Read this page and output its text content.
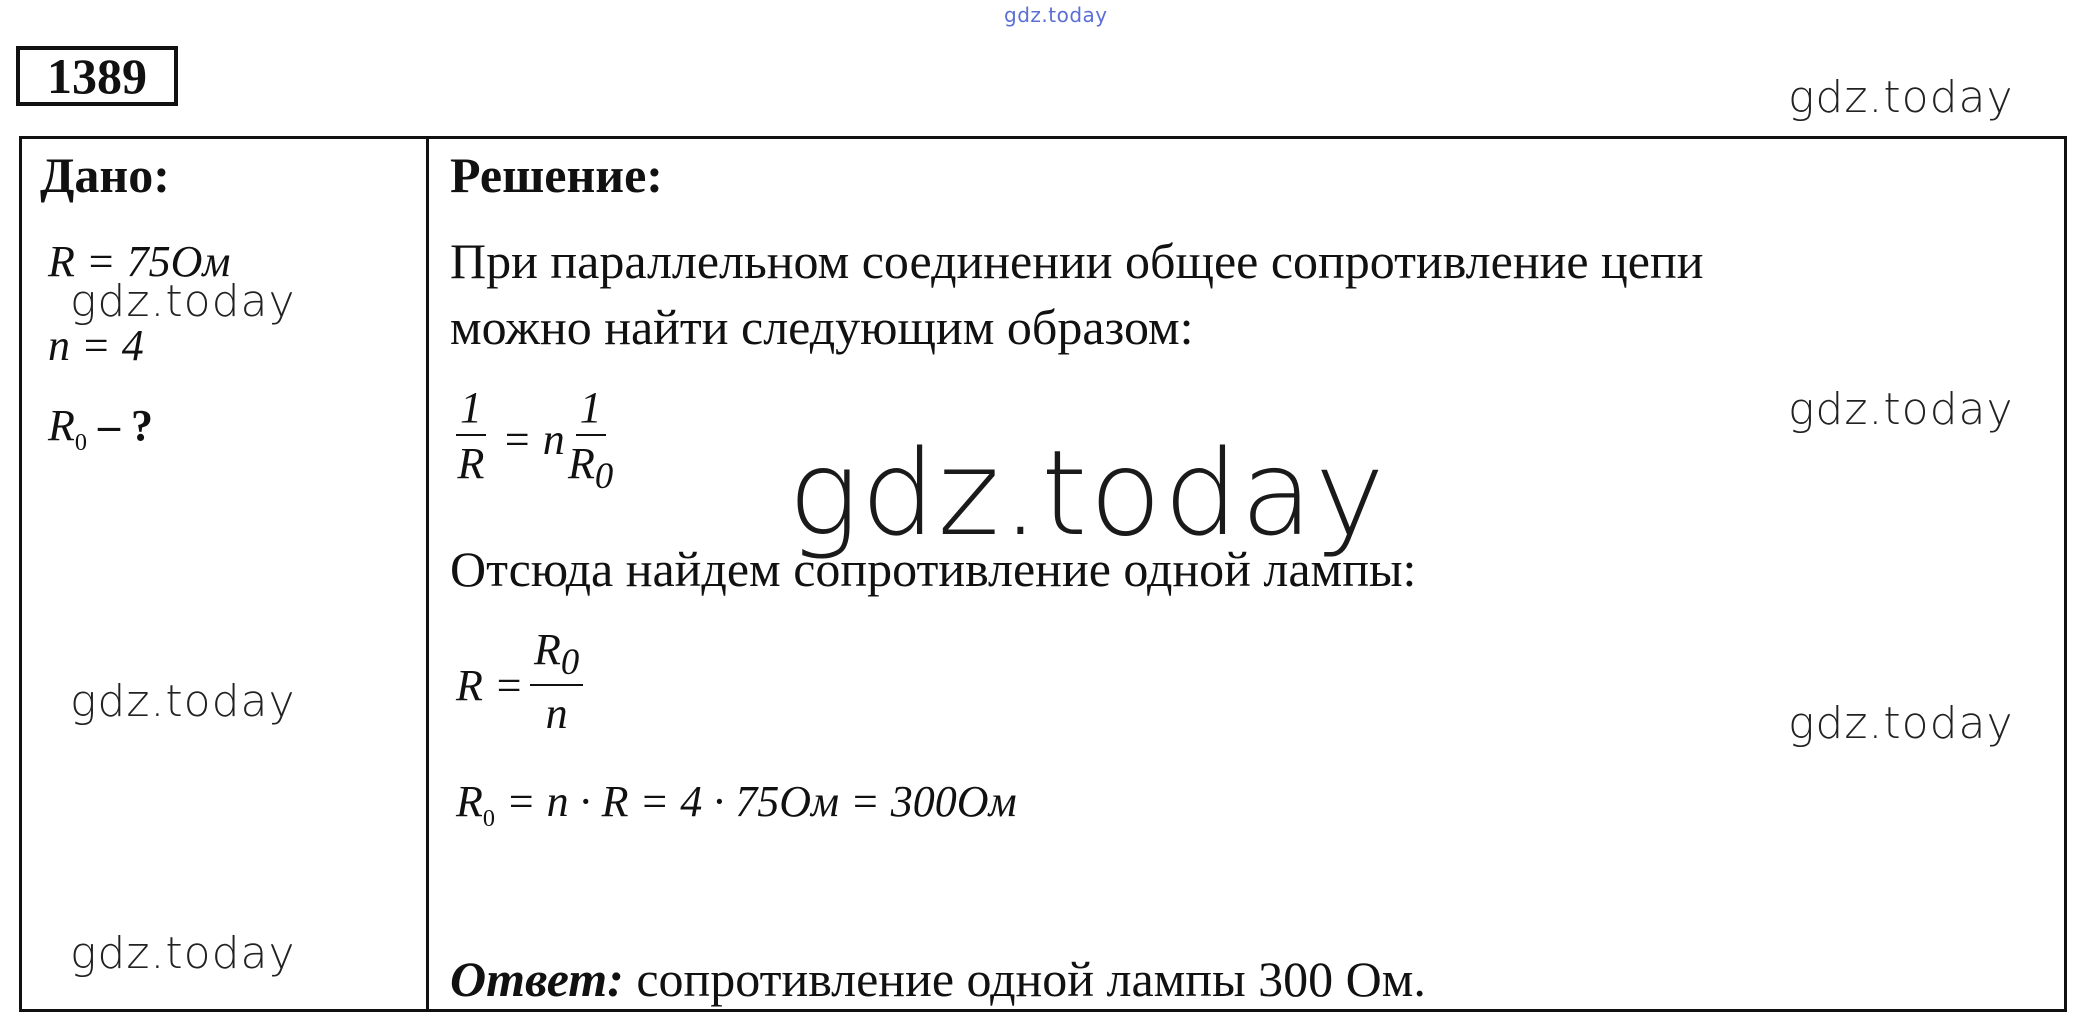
gdz.today
1389	gdz.today
Дано:
R = 75Ом
gdz.today
n = 4
$R_0$ – ?
gdz.today
gdz.today
Решение:
При параллельном соединении общее сопротивление цепи
можно найти следующим образом:
$\frac{1}{R} = n \frac{1}{R_0}$	gdz.today
Отсюда найдем сопротивление одной лампы:
gdz.today
$R = \frac{R_0}{n}$	gdz.today
$R_0 = n \cdot R = 4 \cdot 75Ом = 300Ом$
Ответ: сопротивление одной лампы 300 Ом.
